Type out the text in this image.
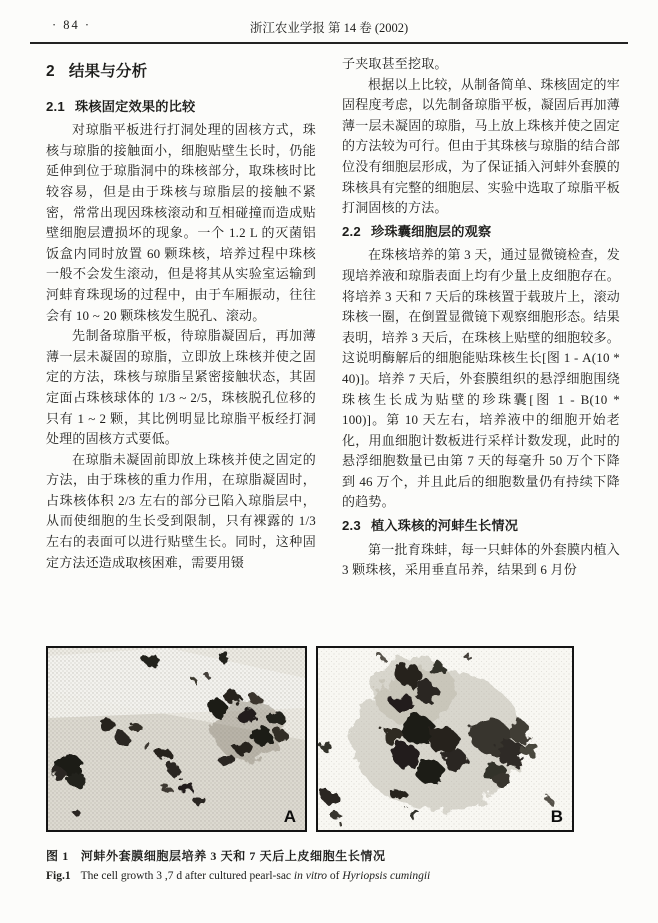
· 84 ·	浙江农业学报 第 14 卷 (2002)
2 结果与分析
2.1 珠核固定效果的比较

对琼脂平板进行打洞处理的固核方式，珠核与琼脂的接触面小，细胞贴壁生长时，仍能延伸到位于琼脂洞中的珠核部分，取珠核时比较容易，但是由于珠核与琼脂层的接触不紧密，常常出现因珠核滚动和互相碰撞而造成贴壁细胞层遭损坏的现象。一个 1.2 L 的灭菌铝饭盒内同时放置 60 颗珠核，培养过程中珠核一般不会发生滚动，但是将其从实验室运输到河蚌育珠现场的过程中，由于车厢振动，往往会有 10 ~ 20 颗珠核发生脱孔、滚动。

先制备琼脂平板，待琼脂凝固后，再加薄薄一层未凝固的琼脂，立即放上珠核并使之固定的方法，珠核与琼脂呈紧密接触状态，其固定面占珠核球体的 1/3 ~ 2/5，珠核脱孔位移的只有 1 ~ 2 颗，其比例明显比琼脂平板经打洞处理的固核方式要低。

在琼脂未凝固前即放上珠核并使之固定的方法，由于珠核的重力作用，在琼脂凝固时，占珠核体积 2/3 左右的部分已陷入琼脂层中，从而使细胞的生长受到限制，只有裸露的 1/3 左右的表面可以进行贴壁生长。同时，这种固定方法还造成取核困难，需要用镊

子夹取甚至挖取。

根据以上比较，从制备简单、珠核固定的牢固程度考虑，以先制备琼脂平板，凝固后再加薄薄一层未凝固的琼脂，马上放上珠核并使之固定的方法较为可行。但由于其珠核与琼脂的结合部位没有细胞层形成，为了保证插入河蚌外套膜的珠核具有完整的细胞层、实验中选取了琼脂平板打洞固核的方法。

2.2 珍珠囊细胞层的观察

在珠核培养的第 3 天，通过显微镜检查，发现培养液和琼脂表面上均有少量上皮细胞存在。将培养 3 天和 7 天后的珠核置于载玻片上，滚动珠核一圈，在倒置显微镜下观察细胞形态。结果表明，培养 3 天后，在珠核上贴壁的细胞较多。这说明酶解后的细胞能贴珠核生长[图 1 - A(10 * 40)]。培养 7 天后，外套膜组织的悬浮细胞围绕珠核生长成为贴壁的珍珠囊[图 1 - B(10 * 100)]。第 10 天左右，培养液中的细胞开始老化，用血细胞计数板进行采样计数发现，此时的悬浮细胞数量已由第 7 天的每毫升 50 万个下降到 46 万个，并且此后的细胞数量仍有持续下降的趋势。

2.3 植入珠核的河蚌生长情况

第一批育珠蚌，每一只蚌体的外套膜内植入 3 颗珠核，采用垂直吊养，结果到 6 月份

A	B
图 1 河蚌外套膜细胞层培养 3 天和 7 天后上皮细胞生长情况
Fig.1 The cell growth 3 ,7 d after cultured pearl-sac in vitro of Hyriopsis cumingii
